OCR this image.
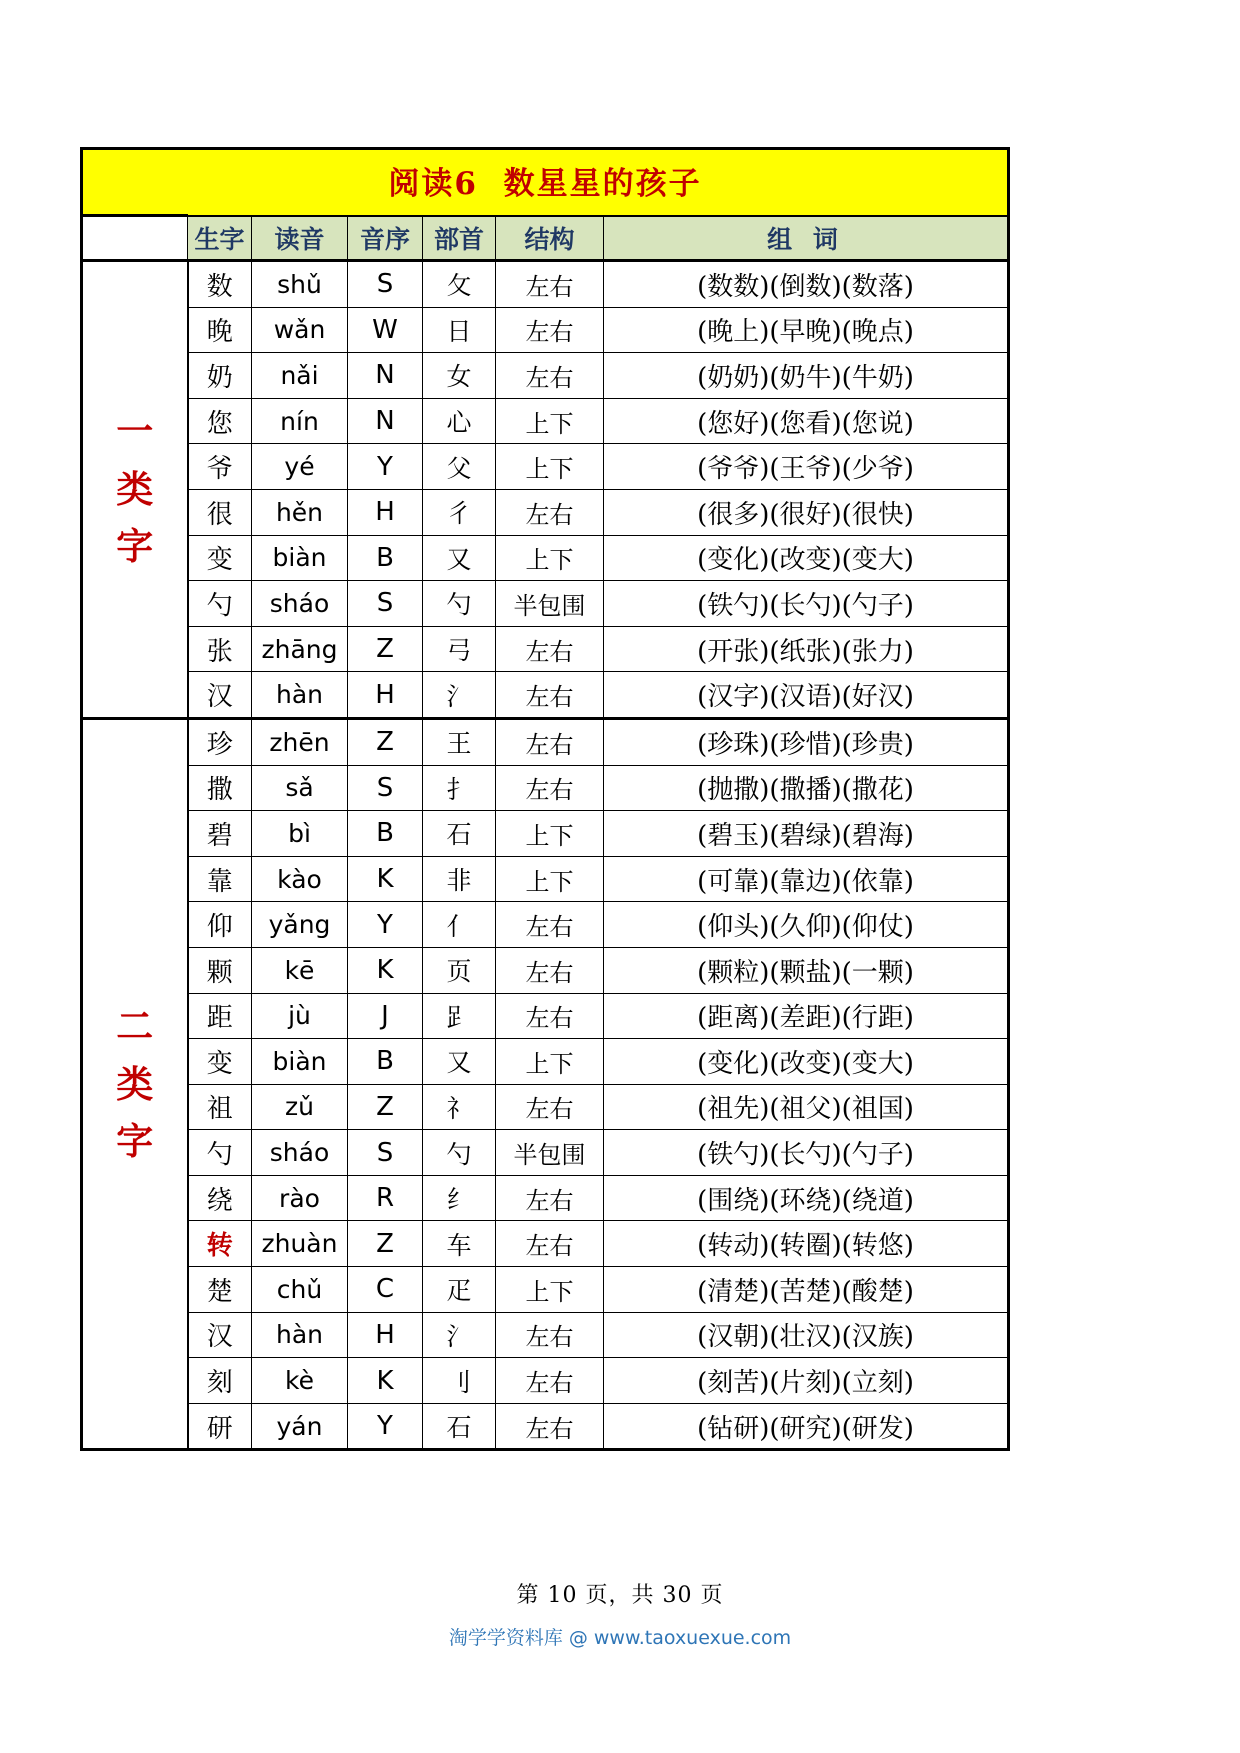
阅读6  数星星的孩子						
	生字	读音	音序	部首	结构	组 词

一
类
字	数	shǔ	S	攵	左右	(数数)(倒数)(数落)
	晚	wǎn	W	日	左右	(晚上)(早晚)(晚点)
	奶	nǎi	N	女	左右	(奶奶)(奶牛)(牛奶)
	您	nín	N	心	上下	(您好)(您看)(您说)
	爷	yé	Y	父	上下	(爷爷)(王爷)(少爷)
	很	hěn	H	彳	左右	(很多)(很好)(很快)
	变	biàn	B	又	上下	(变化)(改变)(变大)
	勺	sháo	S	勺	半包围	(铁勺)(长勺)(勺子)
	张	zhāng	Z	弓	左右	(开张)(纸张)(张力)
	汉	hàn	H	氵	左右	(汉字)(汉语)(好汉)

二
类
字	珍	zhēn	Z	王	左右	(珍珠)(珍惜)(珍贵)
	撒	sǎ	S	扌	左右	(抛撒)(撒播)(撒花)
	碧	bì	B	石	上下	(碧玉)(碧绿)(碧海)
	靠	kào	K	非	上下	(可靠)(靠边)(依靠)
	仰	yǎng	Y	亻	左右	(仰头)(久仰)(仰仗)
	颗	kē	K	页	左右	(颗粒)(颗盐)(一颗)
	距	jù	J	𧾷	左右	(距离)(差距)(行距)
	变	biàn	B	又	上下	(变化)(改变)(变大)
	祖	zǔ	Z	礻	左右	(祖先)(祖父)(祖国)
	勺	sháo	S	勺	半包围	(铁勺)(长勺)(勺子)
	绕	rào	R	纟	左右	(围绕)(环绕)(绕道)
	转	zhuàn	Z	车	左右	(转动)(转圈)(转悠)
	楚	chǔ	C	疋	上下	(清楚)(苦楚)(酸楚)
	汉	hàn	H	氵	左右	(汉朝)(壮汉)(汉族)
	刻	kè	K	刂	左右	(刻苦)(片刻)(立刻)
	研	yán	Y	石	左右	(钻研)(研究)(研发)
第 10 页，共 30 页
淘学学资料库 @ www.taoxuexue.com
